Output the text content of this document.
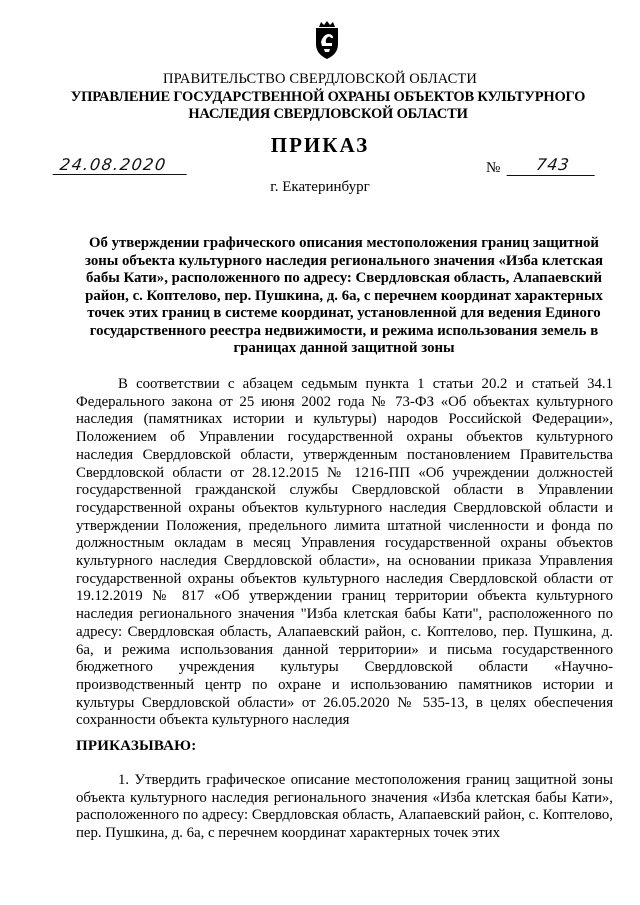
ПРАВИТЕЛЬСТВО СВЕРДЛОВСКОЙ ОБЛАСТИ
УПРАВЛЕНИЕ ГОСУДАРСТВЕННОЙ ОХРАНЫ ОБЪЕКТОВ КУЛЬТУРНОГО НАСЛЕДИЯ СВЕРДЛОВСКОЙ ОБЛАСТИ
ПРИКАЗ
24.08.2020	№ 743
г. Екатеринбург
Об утверждении графического описания местоположения границ защитной зоны объекта культурного наследия регионального значения «Изба клетская бабы Кати», расположенного по адресу: Свердловская область, Алапаевский район, с. Коптелово, пер. Пушкина, д. 6а, с перечнем координат характерных точек этих границ в системе координат, установленной для ведения Единого государственного реестра недвижимости, и режима использования земель в границах данной защитной зоны

В соответствии с абзацем седьмым пункта 1 статьи 20.2 и статьей 34.1 Федерального закона от 25 июня 2002 года № 73-ФЗ «Об объектах культурного наследия (памятниках истории и культуры) народов Российской Федерации», Положением об Управлении государственной охраны объектов культурного наследия Свердловской области, утвержденным постановлением Правительства Свердловской области от 28.12.2015 № 1216-ПП «Об учреждении должностей государственной гражданской службы Свердловской области в Управлении государственной охраны объектов культурного наследия Свердловской области и утверждении Положения, предельного лимита штатной численности и фонда по должностным окладам в месяц Управления государственной охраны объектов культурного наследия Свердловской области», на основании приказа Управления государственной охраны объектов культурного наследия Свердловской области от 19.12.2019 № 817 «Об утверждении границ территории объекта культурного наследия регионального значения "Изба клетская бабы Кати", расположенного по адресу: Свердловская область, Алапаевский район, с. Коптелово, пер. Пушкина, д. 6а, и режима использования данной территории» и письма государственного бюджетного учреждения культуры Свердловской области «Научно-производственный центр по охране и использованию памятников истории и культуры Свердловской области» от 26.05.2020 № 535-13, в целях обеспечения сохранности объекта культурного наследия

ПРИКАЗЫВАЮ:

1. Утвердить графическое описание местоположения границ защитной зоны объекта культурного наследия регионального значения «Изба клетская бабы Кати», расположенного по адресу: Свердловская область, Алапаевский район, с. Коптелово, пер. Пушкина, д. 6а, с перечнем координат характерных точек этих
